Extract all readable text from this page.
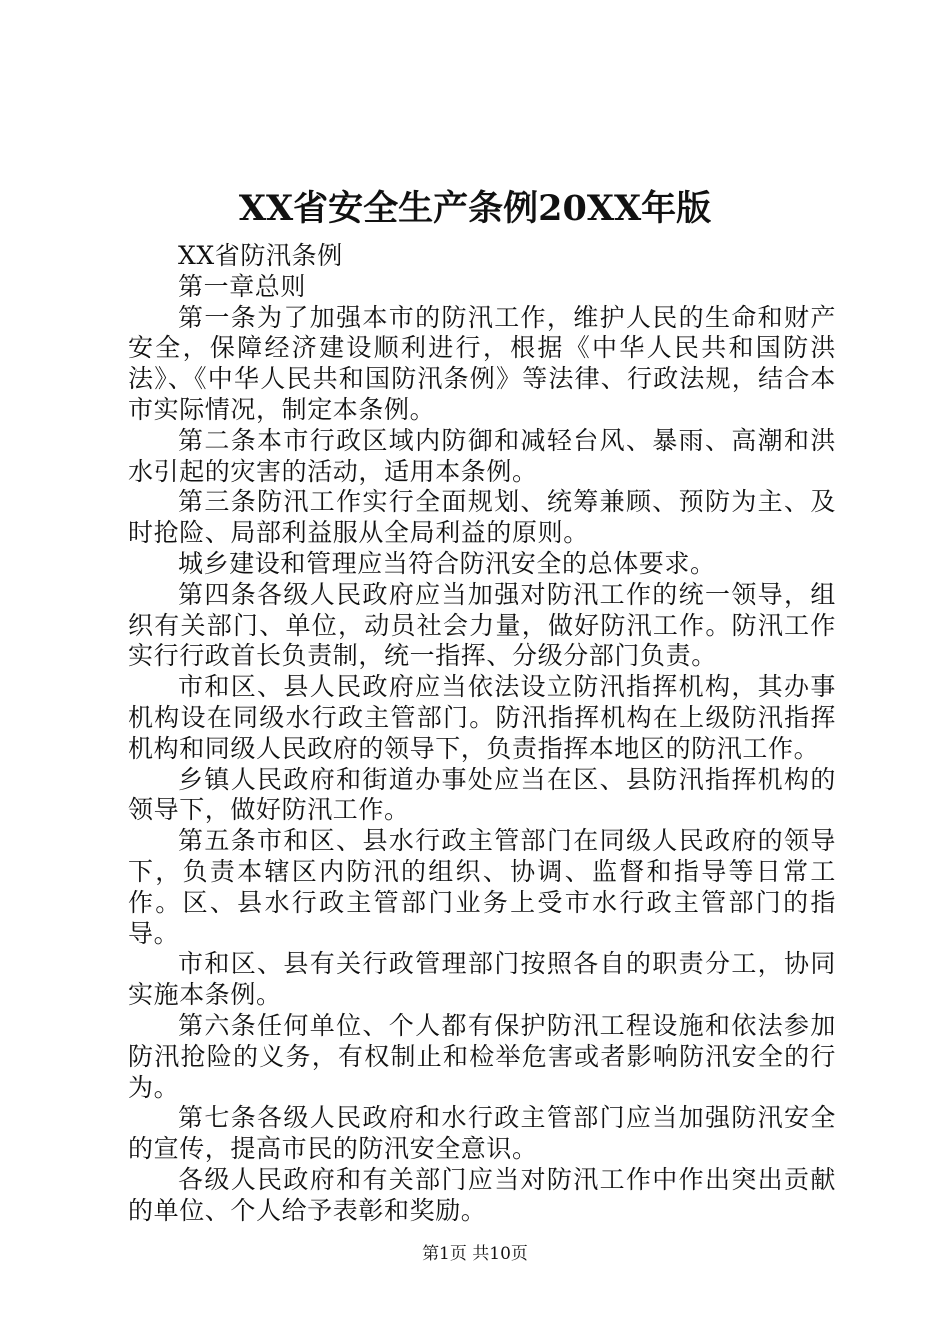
XX省安全生产条例20XX年版

XX省防汛条例

第一章总则

第一条为了加强本市的防汛工作，维护人民的生命和财产安全，保障经济建设顺利进行，根据《中华人民共和国防洪法》、《中华人民共和国防汛条例》等法律、行政法规，结合本市实际情况，制定本条例。

第二条本市行政区域内防御和减轻台风、暴雨、高潮和洪水引起的灾害的活动，适用本条例。

第三条防汛工作实行全面规划、统筹兼顾、预防为主、及时抢险、局部利益服从全局利益的原则。

城乡建设和管理应当符合防汛安全的总体要求。

第四条各级人民政府应当加强对防汛工作的统一领导，组织有关部门、单位，动员社会力量，做好防汛工作。防汛工作实行行政首长负责制，统一指挥、分级分部门负责。

市和区、县人民政府应当依法设立防汛指挥机构，其办事机构设在同级水行政主管部门。防汛指挥机构在上级防汛指挥机构和同级人民政府的领导下，负责指挥本地区的防汛工作。

乡镇人民政府和街道办事处应当在区、县防汛指挥机构的领导下，做好防汛工作。

第五条市和区、县水行政主管部门在同级人民政府的领导下，负责本辖区内防汛的组织、协调、监督和指导等日常工作。区、县水行政主管部门业务上受市水行政主管部门的指导。

市和区、县有关行政管理部门按照各自的职责分工，协同实施本条例。

第六条任何单位、个人都有保护防汛工程设施和依法参加防汛抢险的义务，有权制止和检举危害或者影响防汛安全的行为。

第七条各级人民政府和水行政主管部门应当加强防汛安全的宣传，提高市民的防汛安全意识。

各级人民政府和有关部门应当对防汛工作中作出突出贡献的单位、个人给予表彰和奖励。

第1页 共10页
